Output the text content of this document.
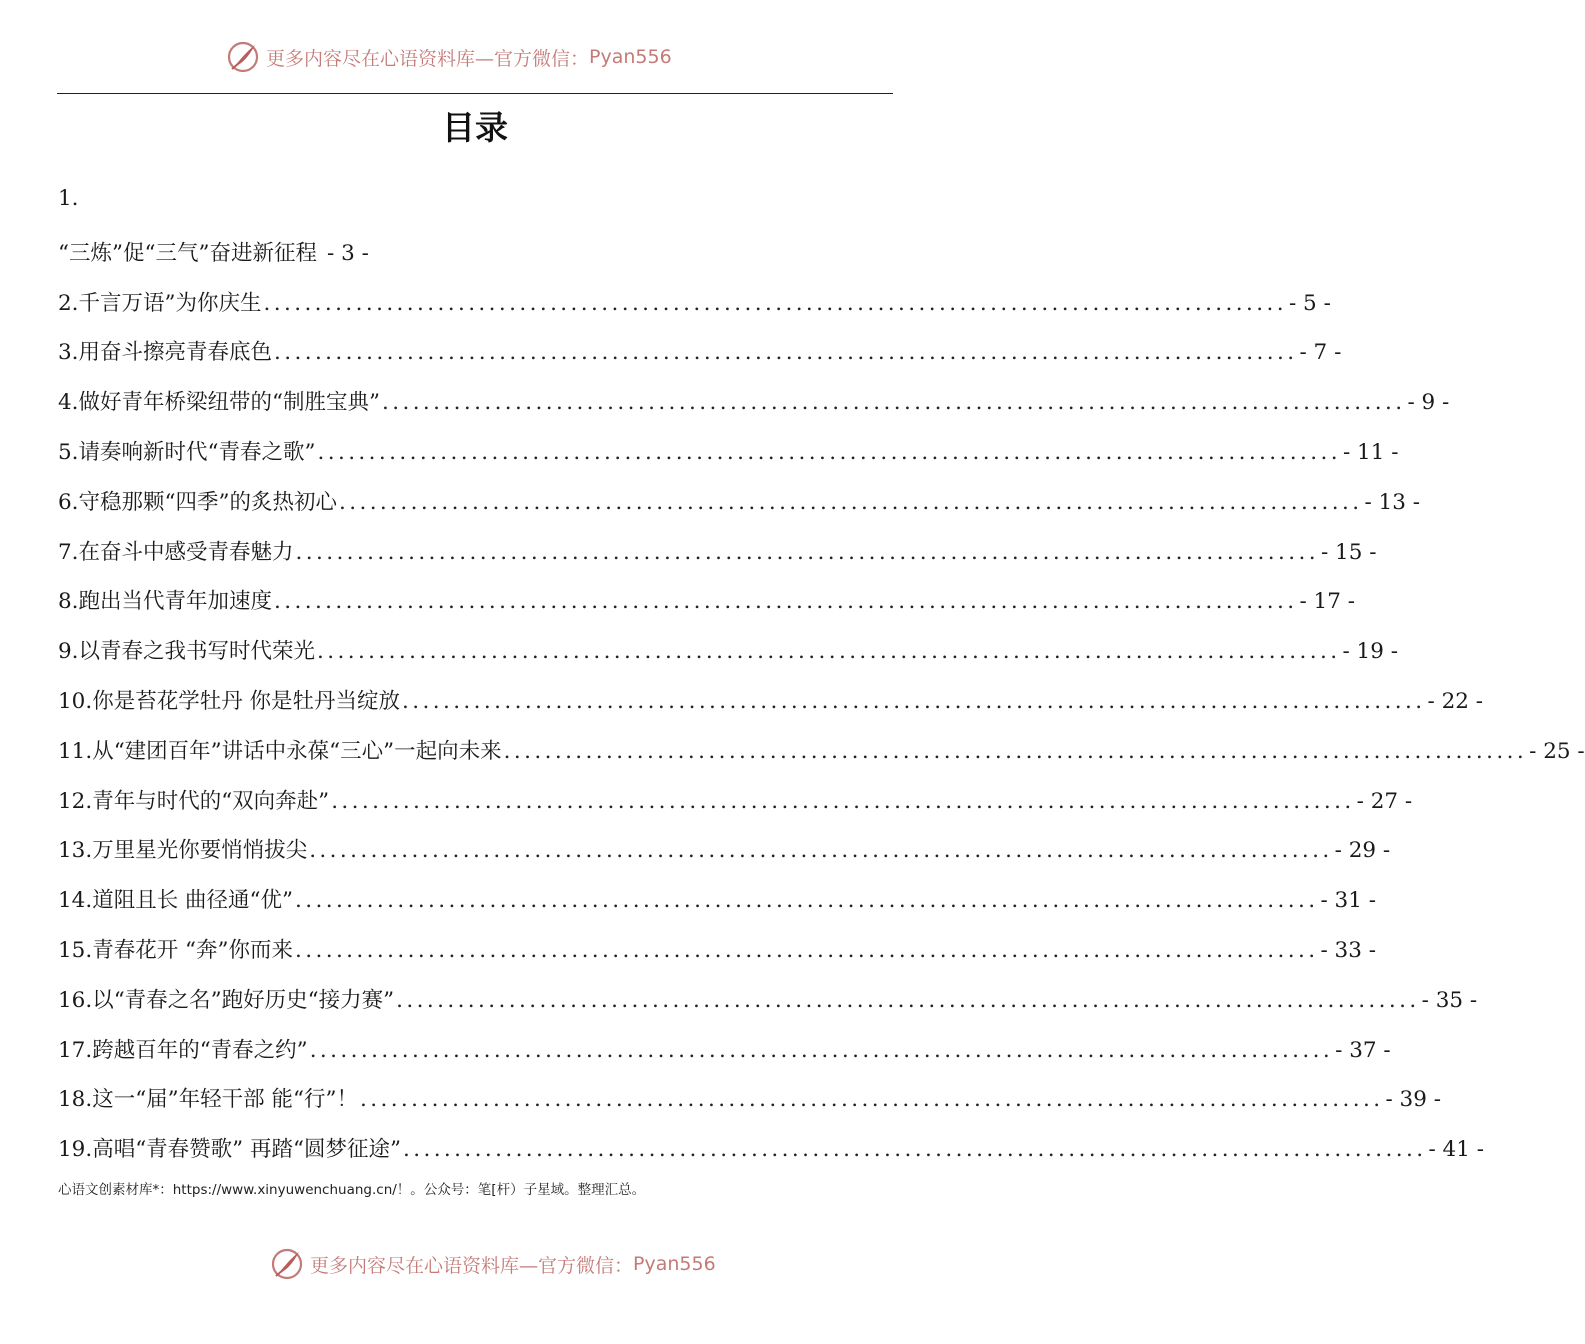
更多内容尽在心语资料库—官方微信： Pyan556
目录
1.
“三炼”促“三气”奋进新征程 - 3 -
2.千言万语”为你庆生 .................................................................................................... - 5 -
3.用奋斗擦亮青春底色 .................................................................................................... - 7 -
4.做好青年桥梁纽带的“制胜宝典” .................................................................................................... - 9 -
5.请奏响新时代“青春之歌” .................................................................................................... - 11 -
6.守稳那颗“四季”的炙热初心 .................................................................................................... - 13 -
7.在奋斗中感受青春魅力 .................................................................................................... - 15 -
8.跑出当代青年加速度 .................................................................................................... - 17 -
9.以青春之我书写时代荣光 .................................................................................................... - 19 -
10.你是苔花学牡丹 你是牡丹当绽放 .................................................................................................... - 22 -
11.从“建团百年”讲话中永葆“三心”一起向未来 .................................................................................................... - 25 -
12.青年与时代的“双向奔赴” .................................................................................................... - 27 -
13.万里星光你要悄悄拔尖 .................................................................................................... - 29 -
14.道阻且长 曲径通“优” .................................................................................................... - 31 -
15.青春花开 “奔”你而来 .................................................................................................... - 33 -
16.以“青春之名”跑好历史“接力赛” .................................................................................................... - 35 -
17.跨越百年的“青春之约” .................................................................................................... - 37 -
18.这一“届”年轻干部 能“行”！ .................................................................................................... - 39 -
19.高唱“青春赞歌” 再踏“圆梦征途” .................................................................................................... - 41 -
心语文创素材库*：https://www.xinyuwenchuang.cn/！。公众号：笔[杆）子星域。整理汇总。
更多内容尽在心语资料库—官方微信： Pyan556
